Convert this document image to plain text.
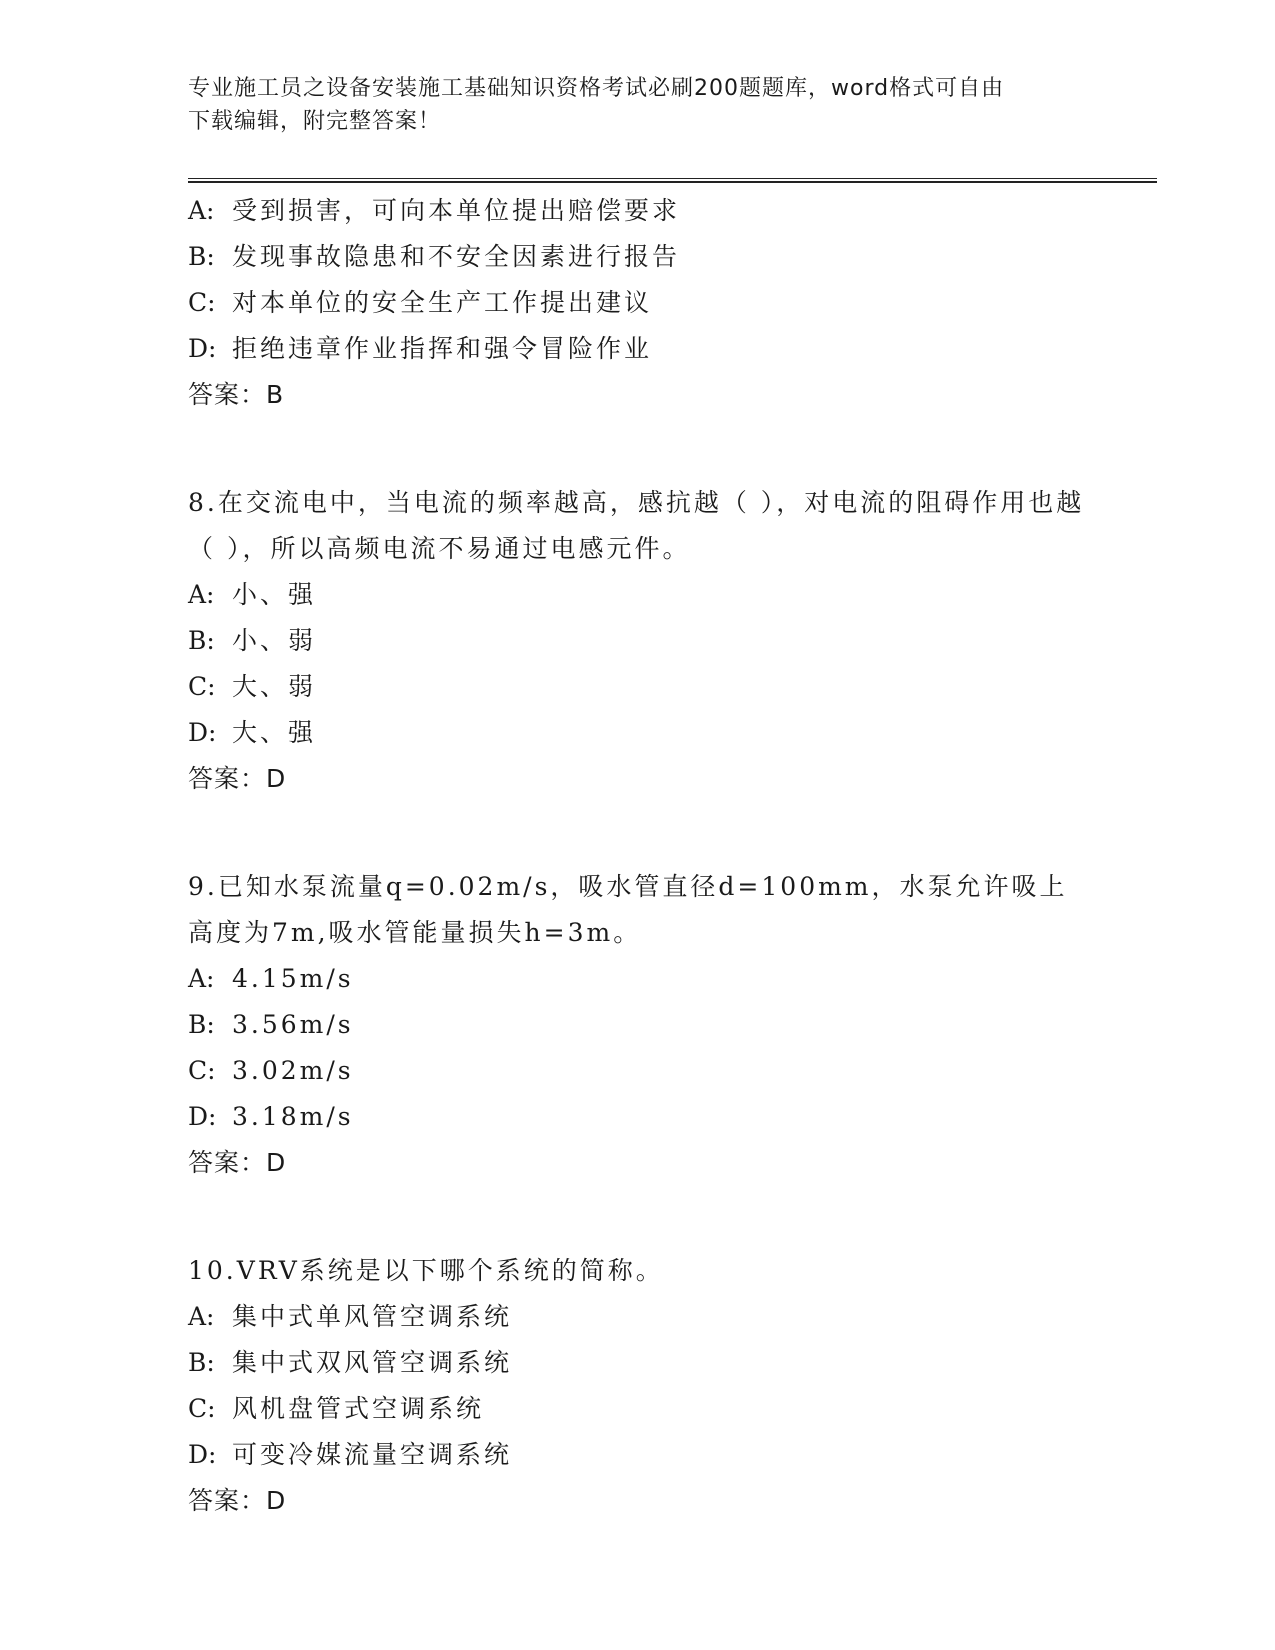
专业施工员之设备安装施工基础知识资格考试必刷200题题库，word格式可自由
下载编辑，附完整答案！
A: 受到损害，可向本单位提出赔偿要求
B: 发现事故隐患和不安全因素进行报告
C: 对本单位的安全生产工作提出建议
D: 拒绝违章作业指挥和强令冒险作业
答案：B
8.在交流电中，当电流的频率越高，感抗越（ ），对电流的阻碍作用也越（ ），所以高频电流不易通过电感元件。
A: 小、强
B: 小、弱
C: 大、弱
D: 大、强
答案：D
9.已知水泵流量q=0.02m/s，吸水管直径d=100mm，水泵允许吸上高度为7m,吸水管能量损失h=3m。
A: 4.15m/s
B: 3.56m/s
C: 3.02m/s
D: 3.18m/s
答案：D
10.VRV系统是以下哪个系统的简称。
A: 集中式单风管空调系统
B: 集中式双风管空调系统
C: 风机盘管式空调系统
D: 可变冷媒流量空调系统
答案：D
